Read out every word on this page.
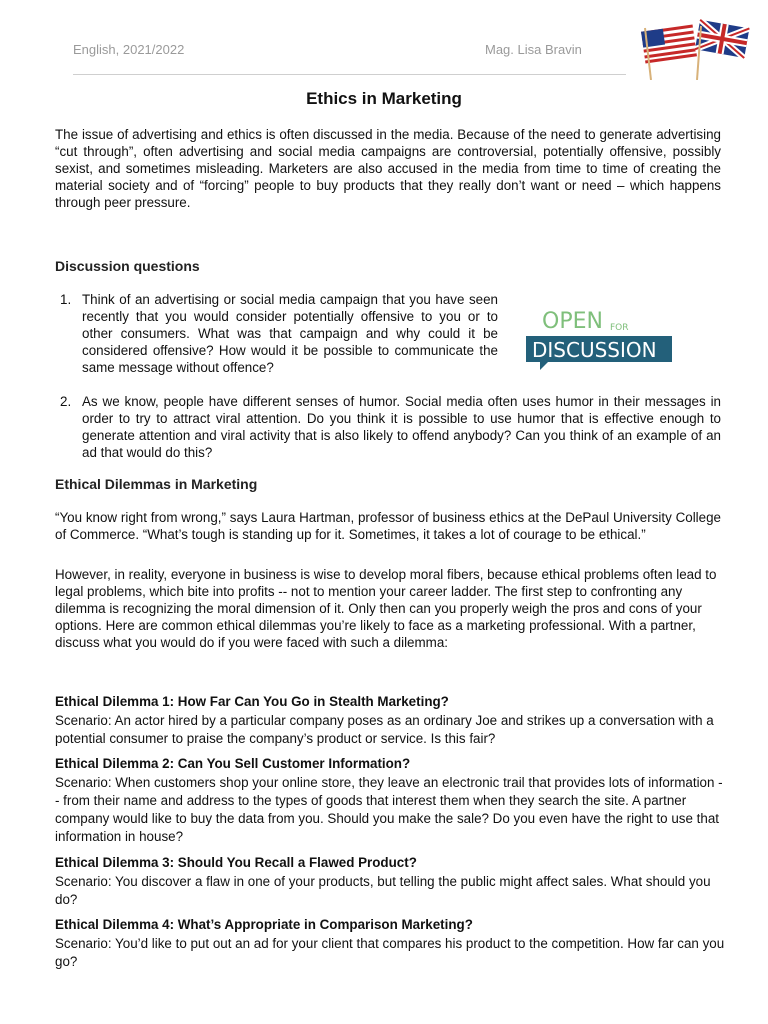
English, 2021/2022	Mag. Lisa Bravin
Ethics in Marketing

The issue of advertising and ethics is often discussed in the media. Because of the need to generate advertising “cut through”, often advertising and social media campaigns are controversial, potentially offensive, possibly sexist, and sometimes misleading. Marketers are also accused in the media from time to time of creating the material society and of “forcing” people to buy products that they really don’t want or need – which happens through peer pressure.

Discussion questions
1. Think of an advertising or social media campaign that you have seen recently that you would consider potentially offensive to you or to other consumers. What was that campaign and why could it be considered offensive? How would it be possible to communicate the same message without offence?
2. As we know, people have different senses of humor. Social media often uses humor in their messages in order to try to attract viral attention. Do you think it is possible to use humor that is effective enough to generate attention and viral activity that is also likely to offend anybody? Can you think of an example of an ad that would do this?
OPEN FOR
DISCUSSION
Ethical Dilemmas in Marketing

“You know right from wrong,” says Laura Hartman, professor of business ethics at the DePaul University College of Commerce. “What’s tough is standing up for it. Sometimes, it takes a lot of courage to be ethical.”

However, in reality, everyone in business is wise to develop moral fibers, because ethical problems often lead to legal problems, which bite into profits -- not to mention your career ladder. The first step to confronting any dilemma is recognizing the moral dimension of it. Only then can you properly weigh the pros and cons of your options. Here are common ethical dilemmas you’re likely to face as a marketing professional. With a partner, discuss what you would do if you were faced with such a dilemma:

Ethical Dilemma 1: How Far Can You Go in Stealth Marketing?

Scenario: An actor hired by a particular company poses as an ordinary Joe and strikes up a conversation with a potential consumer to praise the company’s product or service. Is this fair?

Ethical Dilemma 2: Can You Sell Customer Information?

Scenario: When customers shop your online store, they leave an electronic trail that provides lots of information -- from their name and address to the types of goods that interest them when they search the site. A partner company would like to buy the data from you. Should you make the sale? Do you even have the right to use that information in house?

Ethical Dilemma 3: Should You Recall a Flawed Product?

Scenario: You discover a flaw in one of your products, but telling the public might affect sales. What should you do?

Ethical Dilemma 4: What’s Appropriate in Comparison Marketing?

Scenario: You’d like to put out an ad for your client that compares his product to the competition. How far can you go?
